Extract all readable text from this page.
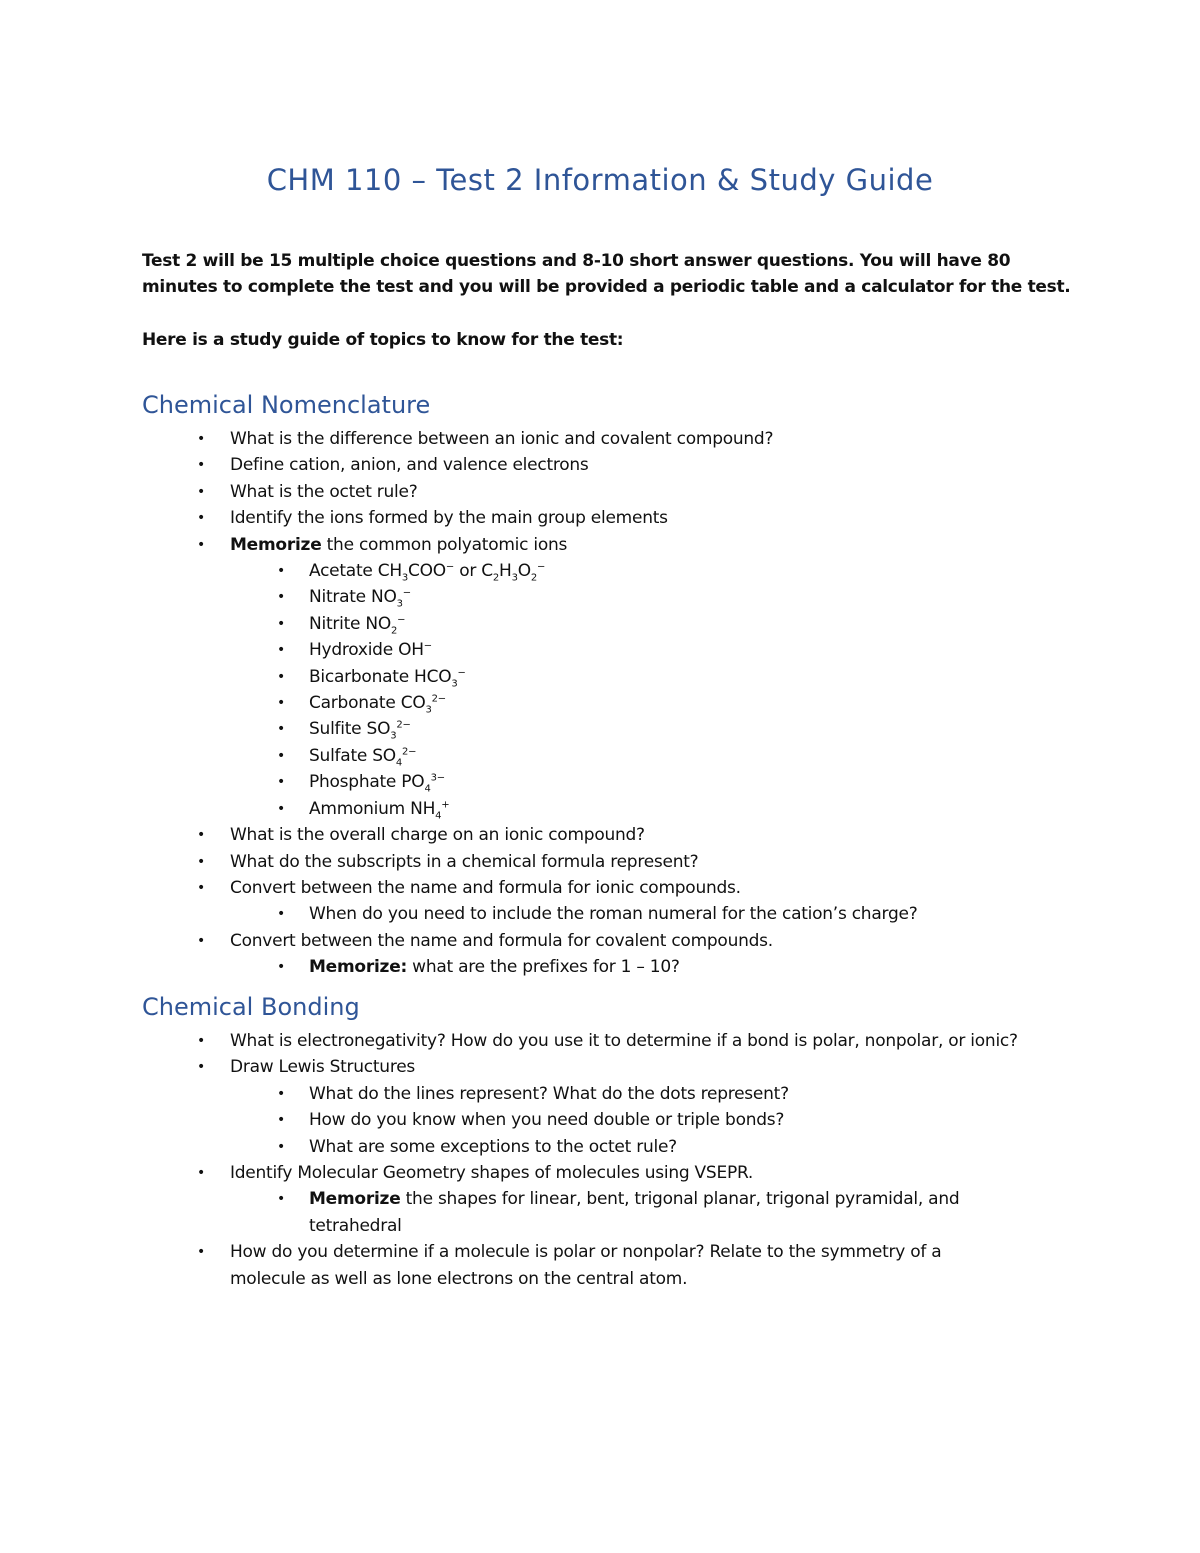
CHM 110 – Test 2 Information & Study Guide

Test 2 will be 15 multiple choice questions and 8-10 short answer questions. You will have 80 minutes to complete the test and you will be provided a periodic table and a calculator for the test.

Here is a study guide of topics to know for the test:

Chemical Nomenclature
• What is the difference between an ionic and covalent compound?
• Define cation, anion, and valence electrons
• What is the octet rule?
• Identify the ions formed by the main group elements
• Memorize the common polyatomic ions
• Acetate $CH_3COO^-$ or $C_2H_3O_2^-$
• Nitrate $NO_3^-$
• Nitrite $NO_2^-$
• Hydroxide OH−
• Bicarbonate $HCO_3^-$
• Carbonate $CO_3^{2-}$
• Sulfite $SO_3^{2-}$
• Sulfate $SO_4^{2-}$
• Phosphate $PO_4^{3-}$
• Ammonium $NH_4^+$
• What is the overall charge on an ionic compound?
• What do the subscripts in a chemical formula represent?
• Convert between the name and formula for ionic compounds.
• When do you need to include the roman numeral for the cation’s charge?
• Convert between the name and formula for covalent compounds.
• Memorize: what are the prefixes for 1 – 10?
Chemical Bonding
• What is electronegativity? How do you use it to determine if a bond is polar, nonpolar, or ionic?
• Draw Lewis Structures
• What do the lines represent? What do the dots represent?
• How do you know when you need double or triple bonds?
• What are some exceptions to the octet rule?
• Identify Molecular Geometry shapes of molecules using VSEPR.
• Memorize the shapes for linear, bent, trigonal planar, trigonal pyramidal, and tetrahedral
• How do you determine if a molecule is polar or nonpolar? Relate to the symmetry of a molecule as well as lone electrons on the central atom.
